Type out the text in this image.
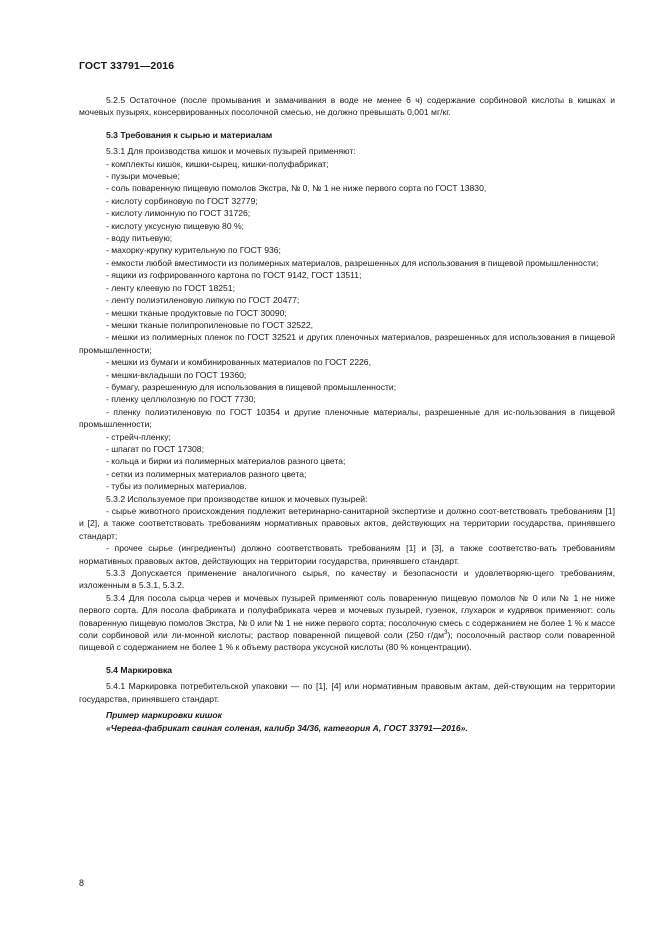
ГОСТ 33791—2016

5.2.5 Остаточное (после промывания и замачивания в воде не менее 6 ч) содержание сорбиновой кислоты в кишках и мочевых пузырях, консервированных посолочной смесью, не должно превышать 0,001 мг/кг.

5.3 Требования к сырью и материалам

5.3.1 Для производства кишок и мочевых пузырей применяют:

- комплекты кишок, кишки-сырец, кишки-полуфабрикат;

- пузыри мочевые;

- соль поваренную пищевую помолов Экстра, № 0, № 1 не ниже первого сорта по ГОСТ 13830,

- кислоту сорбиновую по ГОСТ 32779;

- кислоту лимонную по ГОСТ 31726;

- кислоту уксусную пищевую 80 %;

- воду питьевую;

- махорку-крупку курительную по ГОСТ 936;

- емкости любой вместимости из полимерных материалов, разрешенных для использования в пищевой промышленности;

- ящики из гофрированного картона по ГОСТ 9142, ГОСТ 13511;

- ленту клеевую по ГОСТ 18251;

- ленту полиэтиленовую липкую по ГОСТ 20477;

- мешки тканые продуктовые по ГОСТ 30090;

- мешки тканые полипропиленовые по ГОСТ 32522,

- мешки из полимерных пленок по ГОСТ 32521 и других пленочных материалов, разрешенных для использования в пищевой промышленности;

- мешки из бумаги и комбинированных материалов по ГОСТ 2226,

- мешки-вкладыши по ГОСТ 19360;

- бумагу, разрешенную для использования в пищевой промышленности;

- пленку целлюлозную по ГОСТ 7730;

- пленку полиэтиленовую по ГОСТ 10354 и другие пленочные материалы, разрешенные для ис-пользования в пищевой промышленности;

- стрейч-пленку;

- шпагат по ГОСТ 17308;

- кольца и бирки из полимерных материалов разного цвета;

- сетки из полимерных материалов разного цвета;

- тубы из полимерных материалов.

5.3.2 Используемое при производстве кишок и мочевых пузырей:

- сырье животного происхождения подлежит ветеринарно-санитарной экспертизе и должно соот-ветствовать требованиям [1] и [2], а также соответствовать требованиям нормативных правовых актов, действующих на территории государства, принявшего стандарт;

- прочее сырье (ингредиенты) должно соответствовать требованиям [1] и [3], а также соответство-вать требованиям нормативных правовых актов, действующих на территории государства, принявшего стандарт.

5.3.3 Допускается применение аналогичного сырья, по качеству и безопасности и удовлетворяю-щего требованиям, изложенным в 5.3.1, 5.3.2.

5.3.4 Для посола сырца черев и мочевых пузырей применяют соль поваренную пищевую помолов № 0 или № 1 не ниже первого сорта. Для посола фабриката и полуфабриката черев и мочевых пузырей, гузенок, глухарок и кудрявок применяют: соль поваренную пищевую помолов Экстра, № 0 или № 1 не ниже первого сорта; посолочную смесь с содержанием не более 1 % к массе соли сорбиновой или ли-монной кислоты; раствор поваренной пищевой соли (250 $г/дм^3$); посолочный раствор соли поваренной пищевой с содержанием не более 1 % к объему раствора уксусной кислоты (80 % концентрации).

5.4 Маркировка

5.4.1 Маркировка потребительской упаковки — по [1], [4] или нормативным правовым актам, дей-ствующим на территории государства, принявшего стандарт.

Пример маркировки кишок

«Черева-фабрикат свиная соленая, калибр 34/36, категория А, ГОСТ 33791—2016».

8
